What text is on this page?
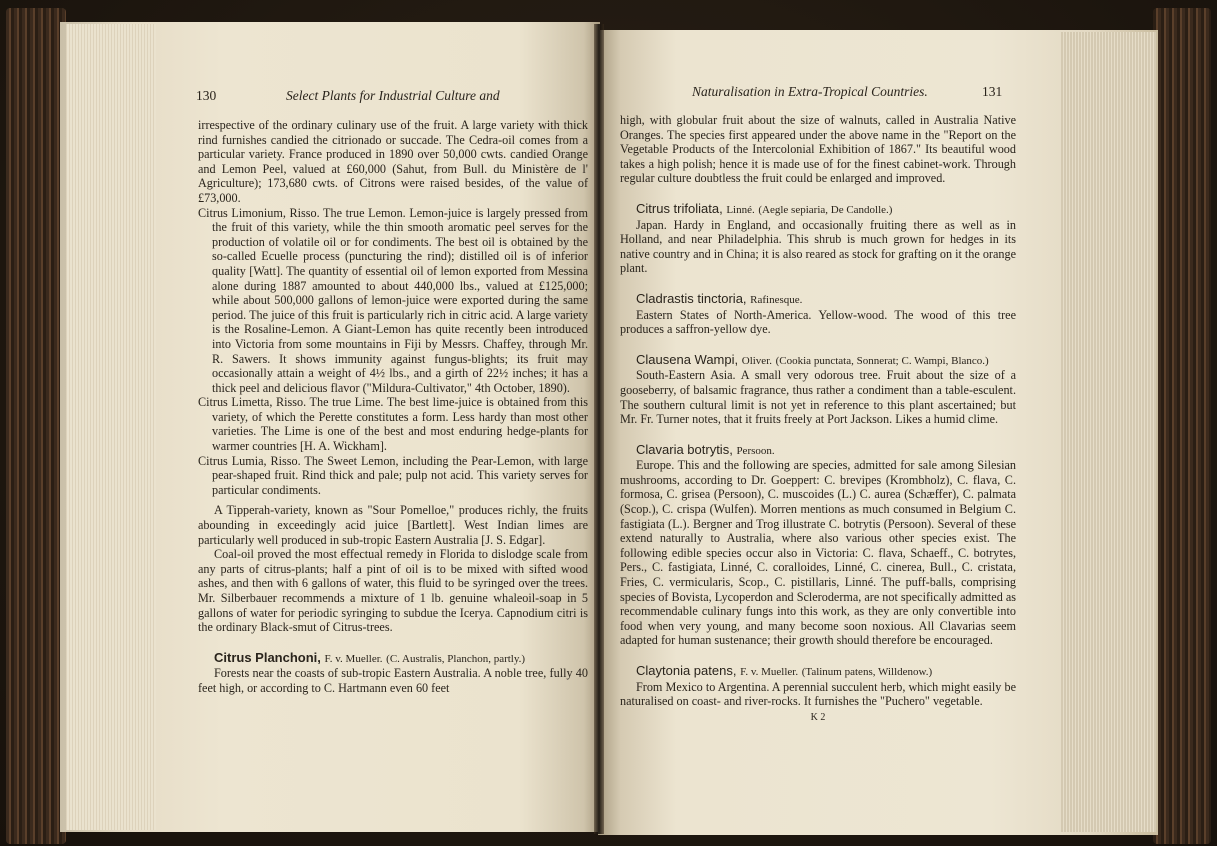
130	Select Plants for Industrial Culture and

irrespective of the ordinary culinary use of the fruit. A large variety with thick rind furnishes candied the citrionado or succade. The Cedra-oil comes from a particular variety. France produced in 1890 over 50,000 cwts. candied Orange and Lemon Peel, valued at £60,000 (Sahut, from Bull. du Ministère de l' Agriculture); 173,680 cwts. of Citrons were raised besides, of the value of £73,000.

Citrus Limonium, Risso. The true Lemon. Lemon-juice is largely pressed from the fruit of this variety, while the thin smooth aromatic peel serves for the production of volatile oil or for condiments. The best oil is obtained by the so-called Ecuelle process (puncturing the rind); distilled oil is of inferior quality [Watt]. The quantity of essential oil of lemon exported from Messina alone during 1887 amounted to about 440,000 lbs., valued at £125,000; while about 500,000 gallons of lemon-juice were exported during the same period. The juice of this fruit is particularly rich in citric acid. A large variety is the Rosaline-Lemon. A Giant-Lemon has quite recently been introduced into Victoria from some mountains in Fiji by Messrs. Chaffey, through Mr. R. Sawers. It shows immunity against fungus-blights; its fruit may occasionally attain a weight of 4½ lbs., and a girth of 22½ inches; it has a thick peel and delicious flavor ("Mildura-Cultivator," 4th October, 1890).

Citrus Limetta, Risso. The true Lime. The best lime-juice is obtained from this variety, of which the Perette constitutes a form. Less hardy than most other varieties. The Lime is one of the best and most enduring hedge-plants for warmer countries [H. A. Wickham].

Citrus Lumia, Risso. The Sweet Lemon, including the Pear-Lemon, with large pear-shaped fruit. Rind thick and pale; pulp not acid. This variety serves for particular condiments.

A Tipperah-variety, known as "Sour Pomelloe," produces richly, the fruits abounding in exceedingly acid juice [Bartlett]. West Indian limes are particularly well produced in sub-tropic Eastern Australia [J. S. Edgar].

Coal-oil proved the most effectual remedy in Florida to dislodge scale from any parts of citrus-plants; half a pint of oil is to be mixed with sifted wood ashes, and then with 6 gallons of water, this fluid to be syringed over the trees. Mr. Silberbauer recommends a mixture of 1 lb. genuine whaleoil-soap in 5 gallons of water for periodic syringing to subdue the Icerya. Capnodium citri is the ordinary Black-smut of Citrus-trees.

Citrus Planchoni, F. v. Mueller. (C. Australis, Planchon, partly.)

Forests near the coasts of sub-tropic Eastern Australia. A noble tree, fully 40 feet high, or according to C. Hartmann even 60 feet

Naturalisation in Extra-Tropical Countries.	131

high, with globular fruit about the size of walnuts, called in Australia Native Oranges. The species first appeared under the above name in the "Report on the Vegetable Products of the Intercolonial Exhibition of 1867." Its beautiful wood takes a high polish; hence it is made use of for the finest cabinet-work. Through regular culture doubtless the fruit could be enlarged and improved.

Citrus trifoliata, Linné. (Aegle sepiaria, De Candolle.)

Japan. Hardy in England, and occasionally fruiting there as well as in Holland, and near Philadelphia. This shrub is much grown for hedges in its native country and in China; it is also reared as stock for grafting on it the orange plant.

Cladrastis tinctoria, Rafinesque.

Eastern States of North-America. Yellow-wood. The wood of this tree produces a saffron-yellow dye.

Clausena Wampi, Oliver. (Cookia punctata, Sonnerat; C. Wampi, Blanco.)

South-Eastern Asia. A small very odorous tree. Fruit about the size of a gooseberry, of balsamic fragrance, thus rather a condiment than a table-esculent. The southern cultural limit is not yet in reference to this plant ascertained; but Mr. Fr. Turner notes, that it fruits freely at Port Jackson. Likes a humid clime.

Clavaria botrytis, Persoon.

Europe. This and the following are species, admitted for sale among Silesian mushrooms, according to Dr. Goeppert: C. brevipes (Krombholz), C. flava, C. formosa, C. grisea (Persoon), C. muscoides (L.) C. aurea (Schæffer), C. palmata (Scop.), C. crispa (Wulfen). Morren mentions as much consumed in Belgium C. fastigiata (L.). Bergner and Trog illustrate C. botrytis (Persoon). Several of these extend naturally to Australia, where also various other species exist. The following edible species occur also in Victoria: C. flava, Schaeff., C. botrytes, Pers., C. fastigiata, Linné, C. coralloides, Linné, C. cinerea, Bull., C. cristata, Fries, C. vermicularis, Scop., C. pistillaris, Linné. The puff-balls, comprising species of Bovista, Lycoperdon and Scleroderma, are not specifically admitted as recommendable culinary fungs into this work, as they are only convertible into food when very young, and many become soon noxious. All Clavarias seem adapted for human sustenance; their growth should therefore be encouraged.

Claytonia patens, F. v. Mueller. (Talinum patens, Willdenow.)

From Mexico to Argentina. A perennial succulent herb, which might easily be naturalised on coast- and river-rocks. It furnishes the "Puchero" vegetable.

K 2
